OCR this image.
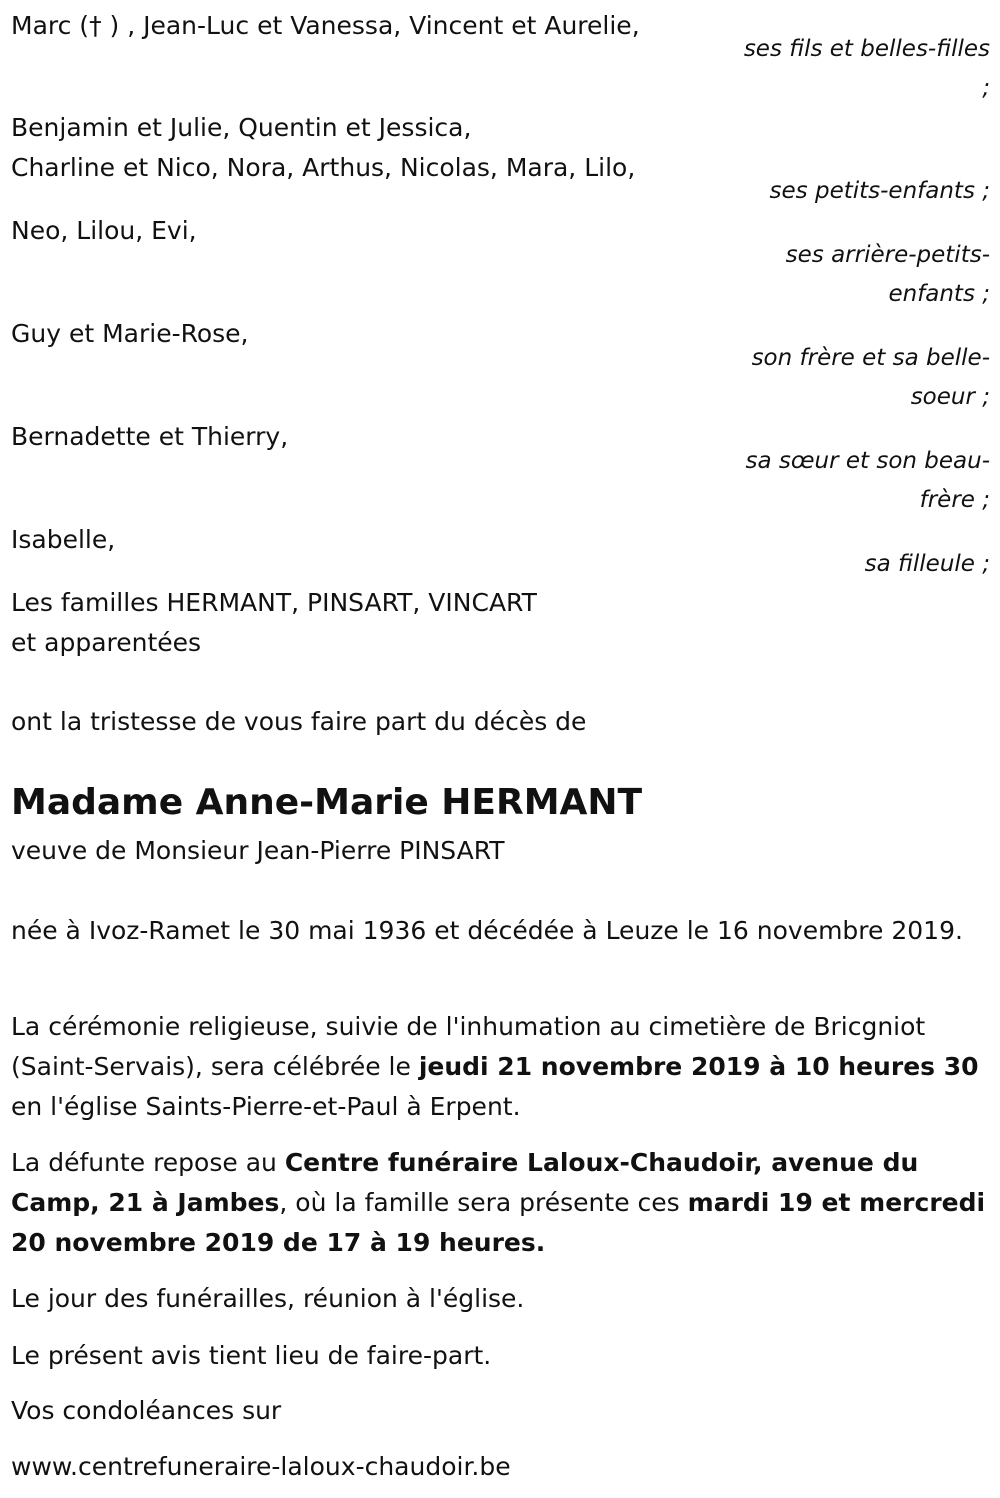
Marc († ) , Jean-Luc et Vanessa, Vincent et Aurelie,
ses fils et belles-filles ;
Benjamin et Julie, Quentin et Jessica,
Charline et Nico, Nora, Arthus, Nicolas, Mara, Lilo,
ses petits-enfants ;
Neo, Lilou, Evi,
ses arrière-petits-enfants ;
Guy et Marie-Rose,
son frère et sa belle-soeur ;
Bernadette et Thierry,
sa sœur et son beau-frère ;
Isabelle,
sa filleule ;
Les familles HERMANT, PINSART, VINCART
et apparentées
ont la tristesse de vous faire part du décès de
Madame Anne-Marie HERMANT
veuve de Monsieur Jean-Pierre PINSART
née à Ivoz-Ramet le 30 mai 1936 et décédée à Leuze le 16 novembre 2019.
La cérémonie religieuse, suivie de l'inhumation au cimetière de Bricgniot (Saint-Servais), sera célébrée le jeudi 21 novembre 2019 à 10 heures 30 en l'église Saints-Pierre-et-Paul à Erpent.
La défunte repose au Centre funéraire Laloux-Chaudoir, avenue du Camp, 21 à Jambes, où la famille sera présente ces mardi 19 et mercredi 20 novembre 2019 de 17 à 19 heures.
Le jour des funérailles, réunion à l'église.
Le présent avis tient lieu de faire-part.
Vos condoléances sur
www.centrefuneraire-laloux-chaudoir.be
